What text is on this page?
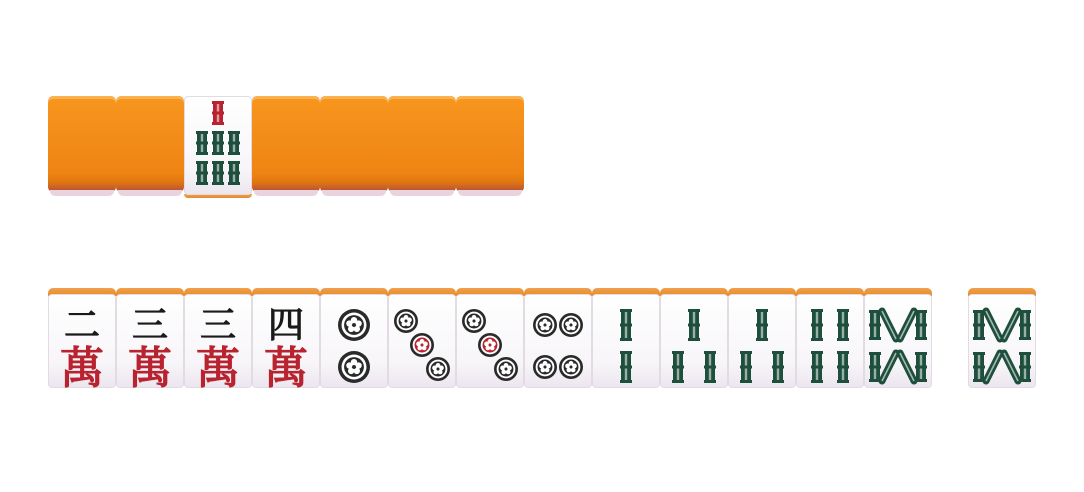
二
萬
三
萬
三
萬
四
萬
